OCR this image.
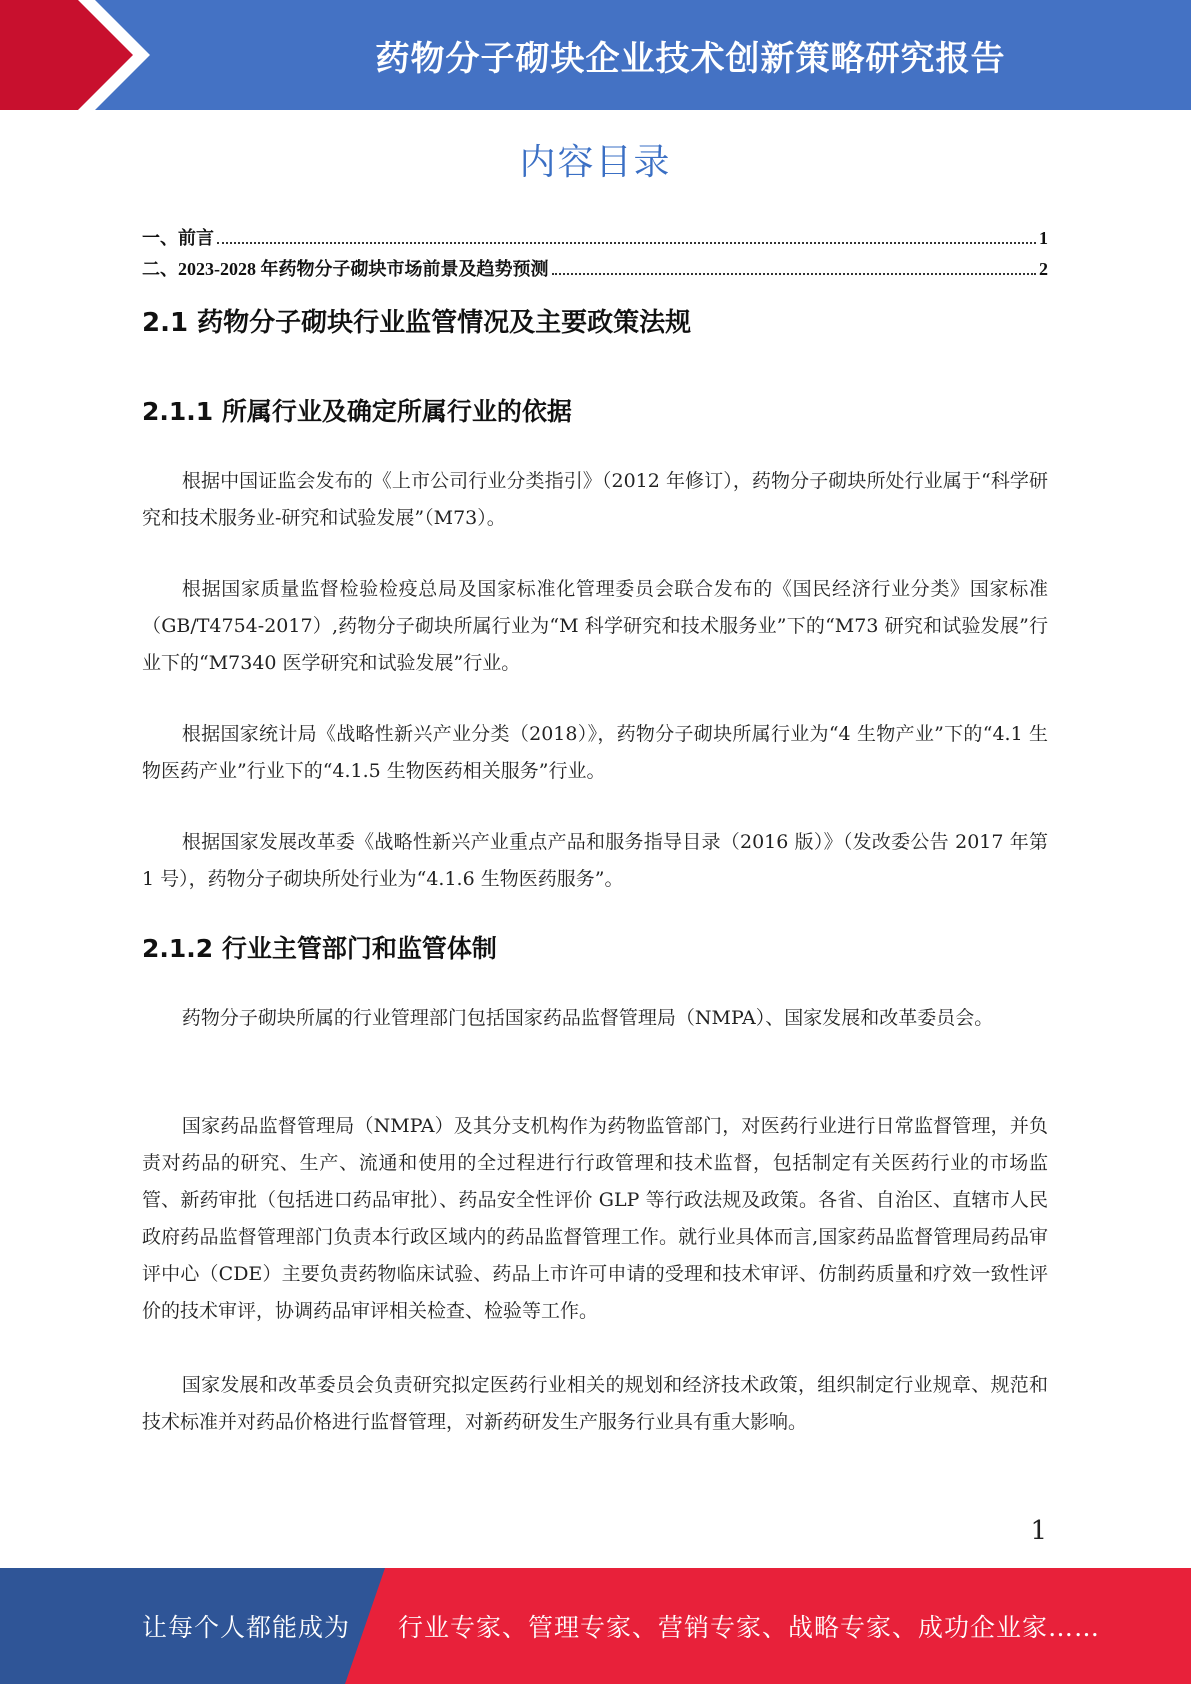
药物分子砌块企业技术创新策略研究报告
内容目录
一、前言	1
二、2023-2028 年药物分子砌块市场前景及趋势预测	2
2.1 药物分子砌块行业监管情况及主要政策法规
2.1.1 所属行业及确定所属行业的依据

根据中国证监会发布的《上市公司行业分类指引》（2012 年修订），药物分子砌块所处行业属于“科学研究和技术服务业-研究和试验发展”（M73）。

根据国家质量监督检验检疫总局及国家标准化管理委员会联合发布的《国民经济行业分类》国家标准（GB/T4754-2017）,药物分子砌块所属行业为“M 科学研究和技术服务业”下的“M73 研究和试验发展”行业下的“M7340 医学研究和试验发展”行业。

根据国家统计局《战略性新兴产业分类（2018）》，药物分子砌块所属行业为“4 生物产业”下的“4.1 生物医药产业”行业下的“4.1.5 生物医药相关服务”行业。

根据国家发展改革委《战略性新兴产业重点产品和服务指导目录（2016 版）》（发改委公告 2017 年第 1 号），药物分子砌块所处行业为“4.1.6 生物医药服务”。

2.1.2 行业主管部门和监管体制

药物分子砌块所属的行业管理部门包括国家药品监督管理局（NMPA）、国家发展和改革委员会。

国家药品监督管理局（NMPA）及其分支机构作为药物监管部门，对医药行业进行日常监督管理，并负责对药品的研究、生产、流通和使用的全过程进行行政管理和技术监督，包括制定有关医药行业的市场监管、新药审批（包括进口药品审批）、药品安全性评价 GLP 等行政法规及政策。各省、自治区、直辖市人民政府药品监督管理部门负责本行政区域内的药品监督管理工作。就行业具体而言,国家药品监督管理局药品审评中心（CDE）主要负责药物临床试验、药品上市许可申请的受理和技术审评、仿制药质量和疗效一致性评价的技术审评，协调药品审评相关检查、检验等工作。

国家发展和改革委员会负责研究拟定医药行业相关的规划和经济技术政策，组织制定行业规章、规范和技术标准并对药品价格进行监督管理，对新药研发生产服务行业具有重大影响。

1
让每个人都能成为 行业专家、管理专家、营销专家、战略专家、成功企业家……
